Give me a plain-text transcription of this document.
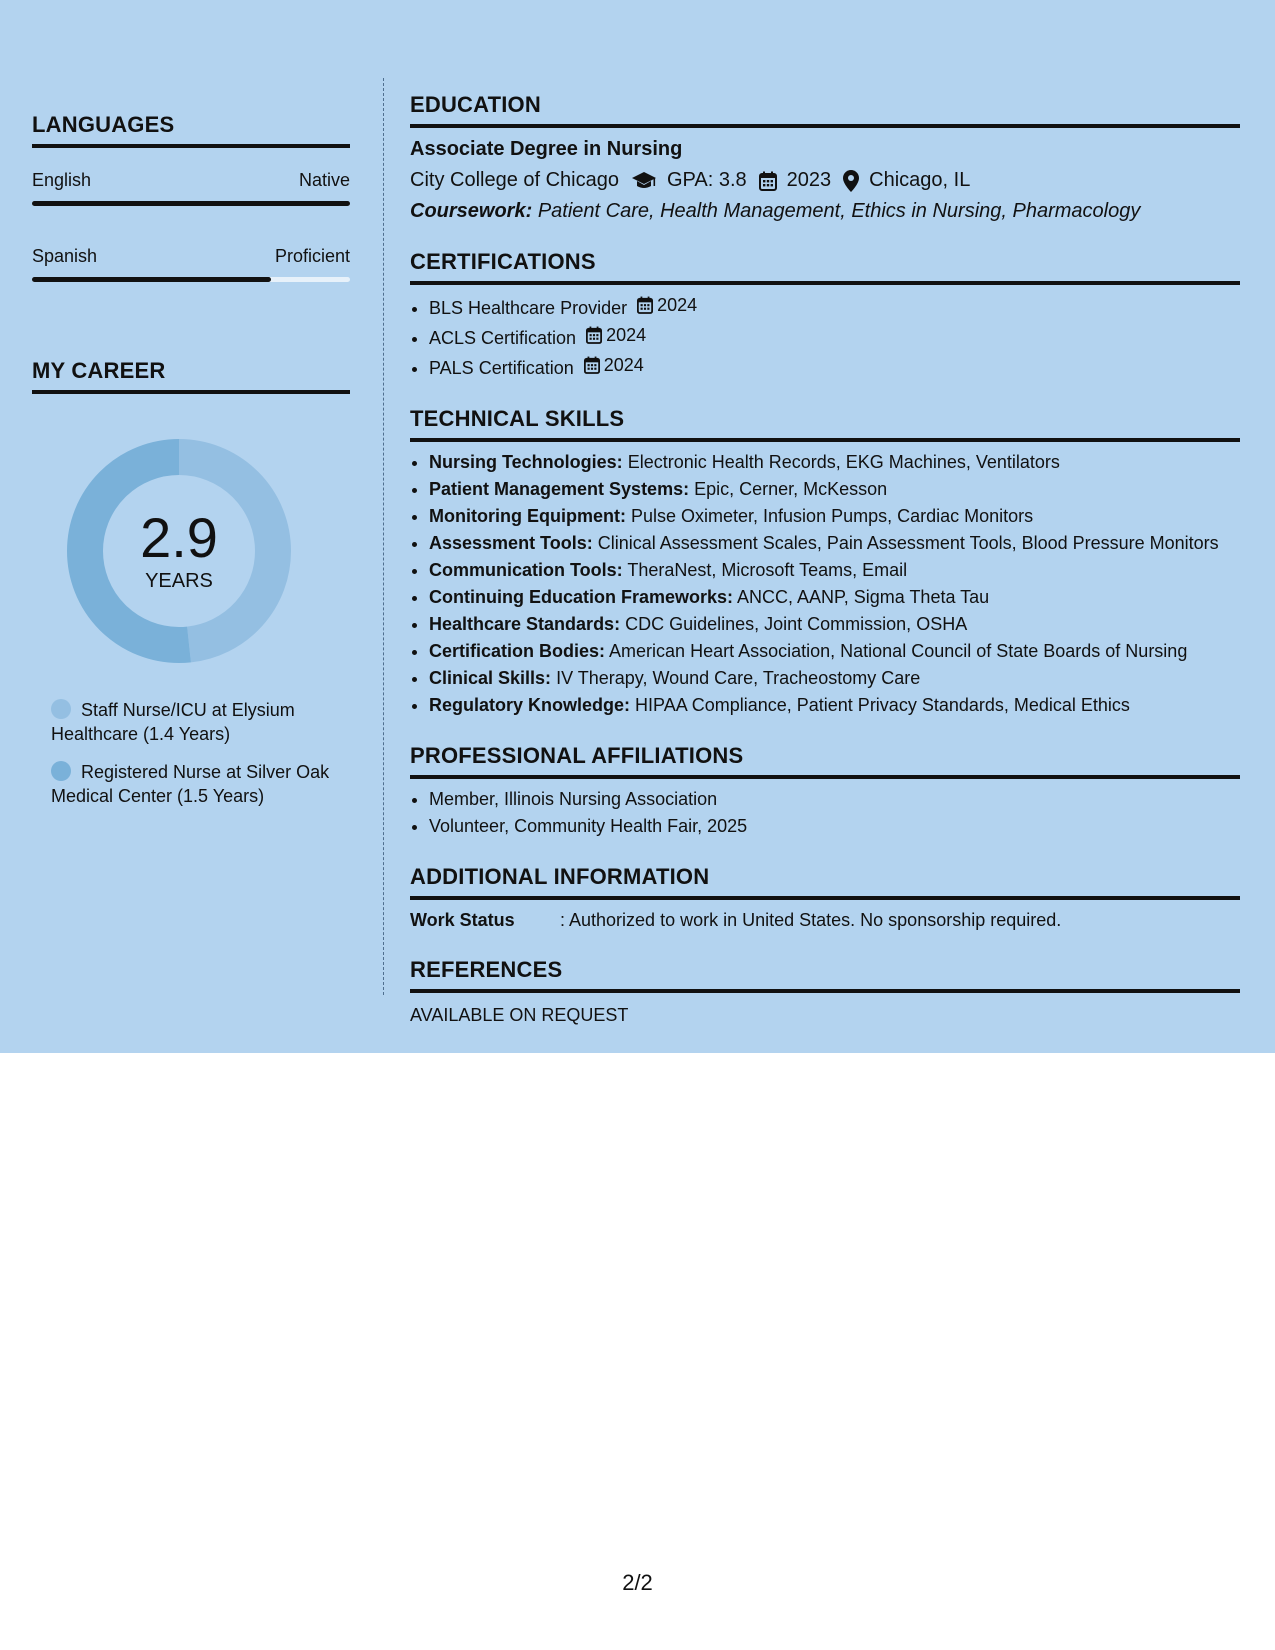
LANGUAGES
English	Native
Spanish	Proficient
MY CAREER
2.9
YEARS
Staff Nurse/ICU at Elysium Healthcare (1.4 Years)
Registered Nurse at Silver Oak Medical Center (1.5 Years)
EDUCATION
Associate Degree in Nursing
City College of Chicago GPA: 3.8 2023 Chicago, IL
Coursework: Patient Care, Health Management, Ethics in Nursing, Pharmacology
CERTIFICATIONS
• BLS Healthcare Provider 2024
• ACLS Certification 2024
• PALS Certification 2024
TECHNICAL SKILLS
• Nursing Technologies: Electronic Health Records, EKG Machines, Ventilators
• Patient Management Systems: Epic, Cerner, McKesson
• Monitoring Equipment: Pulse Oximeter, Infusion Pumps, Cardiac Monitors
• Assessment Tools: Clinical Assessment Scales, Pain Assessment Tools, Blood Pressure Monitors
• Communication Tools: TheraNest, Microsoft Teams, Email
• Continuing Education Frameworks: ANCC, AANP, Sigma Theta Tau
• Healthcare Standards: CDC Guidelines, Joint Commission, OSHA
• Certification Bodies: American Heart Association, National Council of State Boards of Nursing
• Clinical Skills: IV Therapy, Wound Care, Tracheostomy Care
• Regulatory Knowledge: HIPAA Compliance, Patient Privacy Standards, Medical Ethics
PROFESSIONAL AFFILIATIONS
• Member, Illinois Nursing Association
• Volunteer, Community Health Fair, 2025
ADDITIONAL INFORMATION
Work Status	: Authorized to work in United States. No sponsorship required.
REFERENCES
AVAILABLE ON REQUEST
2/2
